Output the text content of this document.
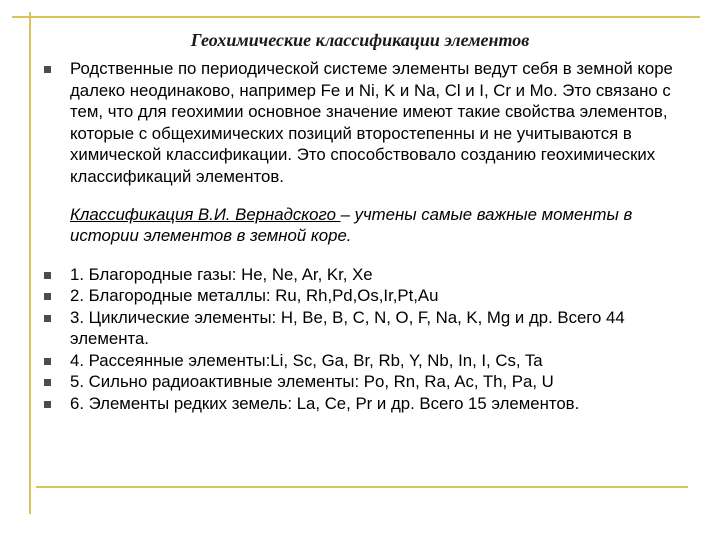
Геохимические классификации элементов

Родственные по периодической системе элементы ведут себя в земной коре далеко неодинаково, например Fe и Ni, K и Na, Cl и I, Cr и Mo. Это связано с тем, что для геохимии основное значение имеют такие свойства элементов, которые с общехимических позиций второстепенны и не учитываются в химической классификации. Это способствовало созданию геохимических классификаций элементов.

Классификация В.И. Вернадского – учтены самые важные моменты в истории элементов в земной коре.

1. Благородные газы: He, Ne, Ar, Kr, Xe

2. Благородные металлы: Ru, Rh,Pd,Os,Ir,Pt,Au

3. Циклические элементы: H, Be, B, C, N, O, F, Na, K, Mg и др. Всего 44 элемента.

4. Рассеянные элементы:Li, Sc, Ga, Br, Rb, Y, Nb, In, I, Cs, Ta

5. Сильно радиоактивные элементы: Po, Rn, Ra, Ac, Th, Pa, U

6. Элементы редких земель: La, Ce, Pr и др. Всего 15 элементов.
